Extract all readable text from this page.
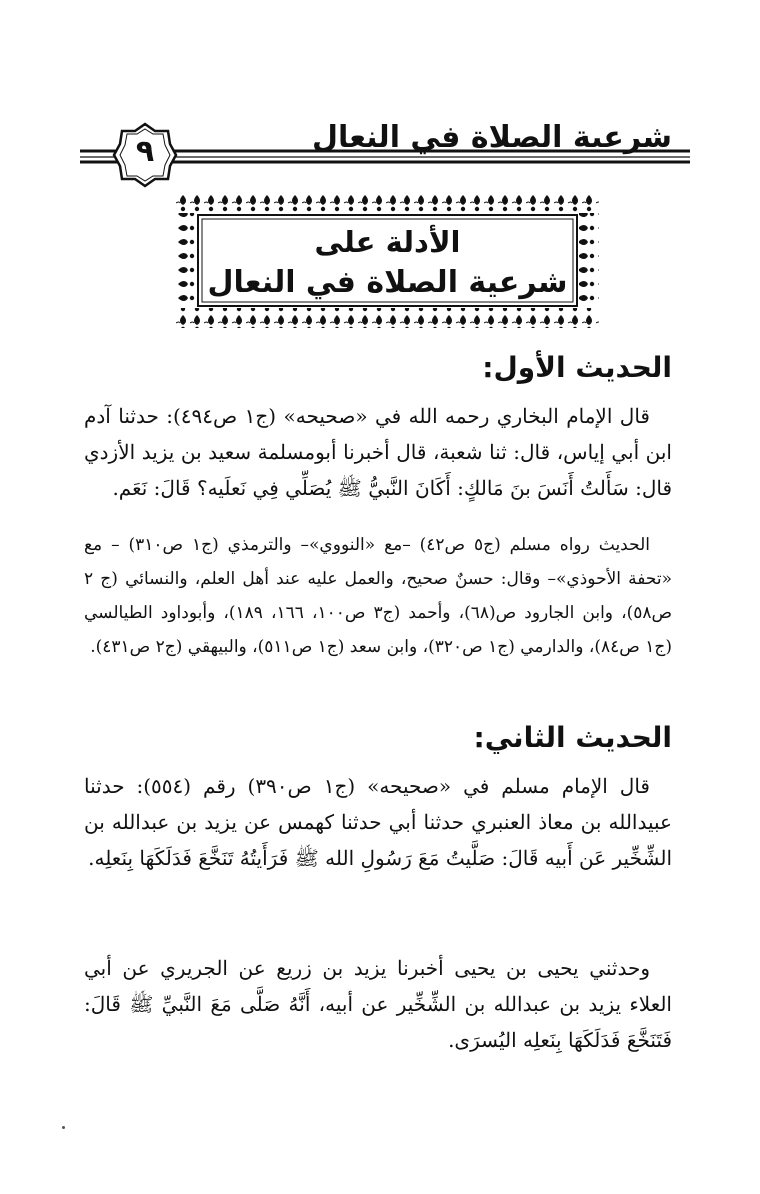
شرعية الصلاة في النعال
٩
الأدلة على
شرعية الصلاة في النعال
الحديث الأول:

قال الإمام البخاري رحمه الله في «صحيحه» (ج١ ص٤٩٤): حدثنا آدم ابن أبي إياس، قال: ثنا شعبة، قال أخبرنا أبومسلمة سعيد بن يزيد الأزدي قال: سَأَلتُ أَنَسَ بنَ مَالكٍ: أَكَانَ النَّبيُّ ﷺ يُصَلِّي فِي نَعلَيه؟ قَالَ: نَعَم.

الحديث رواه مسلم (ج٥ ص٤٢) –مع «النووي»– والترمذي (ج١ ص٣١٠) – مع «تحفة الأحوذي»– وقال: حسنٌ صحيح، والعمل عليه عند أهل العلم، والنسائي (ج ٢ ص٥٨)، وابن الجارود ص(٦٨)، وأحمد (ج٣ ص١٠٠، ١٦٦، ١٨٩)، وأبوداود الطيالسي (ج١ ص٨٤)، والدارمي (ج١ ص٣٢٠)، وابن سعد (ج١ ص٥١١)، والبيهقي (ج٢ ص٤٣١).

الحديث الثاني:

قال الإمام مسلم في «صحيحه» (ج١ ص٣٩٠) رقم (٥٥٤): حدثنا عبيدالله بن معاذ العنبري حدثنا أبي حدثنا كهمس عن يزيد بن عبدالله بن الشِّخِّير عَن أَبيه قَالَ: صَلَّيتُ مَعَ رَسُولِ الله ﷺ فَرَأَيتُهُ تَنَخَّعَ فَدَلَكَهَا بِنَعلِه.

وحدثني يحيى بن يحيى أخبرنا يزيد بن زريع عن الجريري عن أبي العلاء يزيد بن عبدالله بن الشِّخِّير عن أبيه، أَنَّهُ صَلَّى مَعَ النَّبيِّ ﷺ قَالَ: فَتَنَخَّعَ فَدَلَكَهَا بِنَعلِه اليُسرَى.
